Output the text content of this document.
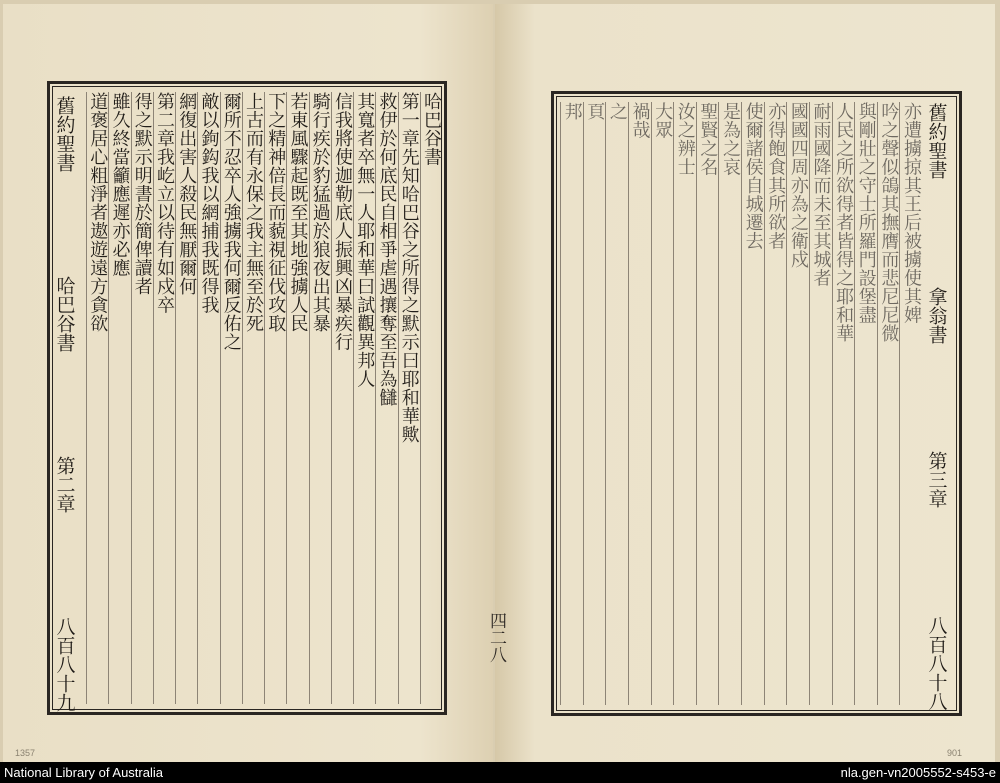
哈巴谷書
第一章先知哈巴谷之所得之默示曰耶和華歟
救伊於何底民自相爭虐遇攘奪至吾為讎
其寬者卒無一人耶和華曰試觀異邦人
信我將使迦勒底人振興凶暴疾行
騎行疾於豹猛過於狼夜出其暴
若東風驟起既至其地強擄人民
下之精神倍長而藐視征伐攻取
上古而有永保之我主無至於死
爾所不忍卒人強擄我何爾反佑之
敵以鉤鈎我以網捕我既得我
網復出害人殺民無厭爾何
第二章我屹立以待有如戍卒
得之默示明書於簡俾讀者
雖久終當籲應遲亦必應
道褒居心粗淨者遨遊遠方貪欲
舊約聖書
哈巴谷書
第二章
八百八十九
1357
亦遭擄掠其王后被擄使其婢
吟之聲似鴿其撫膺而悲尼尼微
與剛壯之守士所羅門設堡盡
人民之所欲得者皆得之耶和華
耐雨國降而未至其城者
國國四周亦為之衛戍
亦得飽食其所欲者
使爾諸侯自城遷去
是為之哀
聖賢之名
汝之辨士
大眾
禍哉
之
頁
邦	舊約聖書
拿翁書
第三章
八百八十八
901
四二八
National Library of Australia	nla.gen-vn2005552-s453-e
